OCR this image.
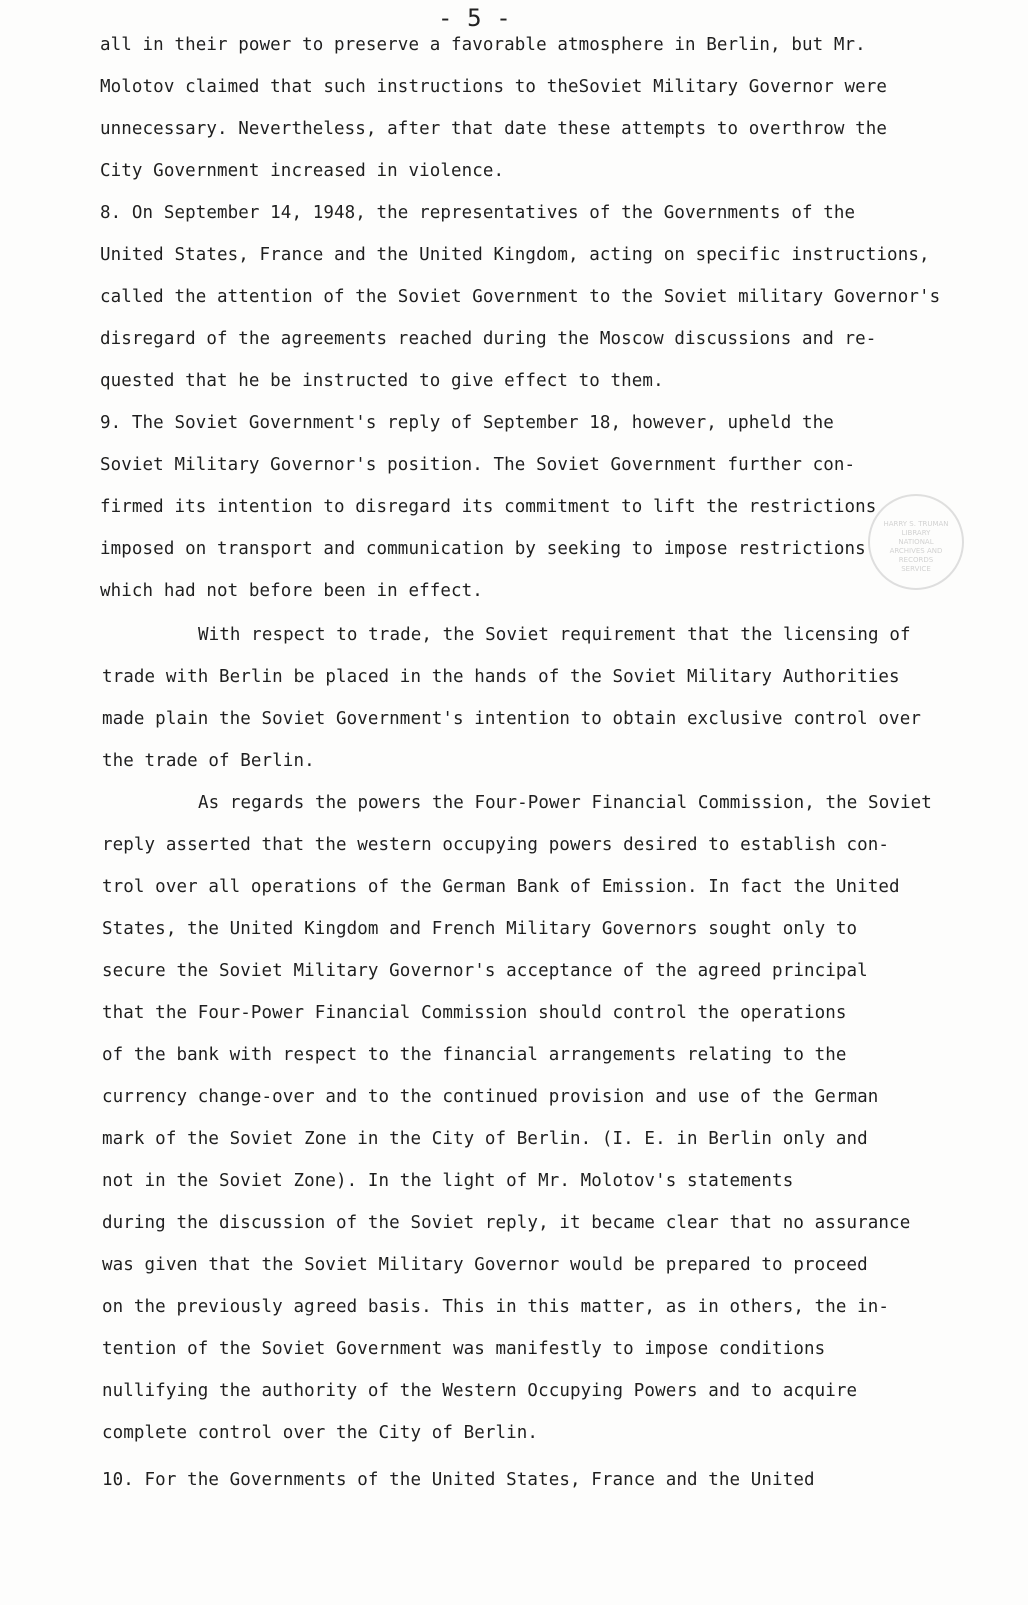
- 5 -
all in their power to preserve a favorable atmosphere in Berlin, but Mr.
Molotov claimed that such instructions to theSoviet Military Governor were
unnecessary. Nevertheless, after that date these attempts to overthrow the
City Government increased in violence.
8. On September 14, 1948, the representatives of the Governments of the
United States, France and the United Kingdom, acting on specific instructions,
called the attention of the Soviet Government to the Soviet military Governor's
disregard of the agreements reached during the Moscow discussions and re-
quested that he be instructed to give effect to them.
9. The Soviet Government's reply of September 18, however, upheld the
Soviet Military Governor's position. The Soviet Government further con-
firmed its intention to disregard its commitment to lift the restrictions
imposed on transport and communication by seeking to impose restrictions
which had not before been in effect.
With respect to trade, the Soviet requirement that the licensing of
trade with Berlin be placed in the hands of the Soviet Military Authorities
made plain the Soviet Government's intention to obtain exclusive control over
the trade of Berlin.
As regards the powers the Four-Power Financial Commission, the Soviet
reply asserted that the western occupying powers desired to establish con-
trol over all operations of the German Bank of Emission. In fact the United
States, the United Kingdom and French Military Governors sought only to
secure the Soviet Military Governor's acceptance of the agreed principal
that the Four-Power Financial Commission should control the operations
of the bank with respect to the financial arrangements relating to the
currency change-over and to the continued provision and use of the German
mark of the Soviet Zone in the City of Berlin. (I. E. in Berlin only and
not in the Soviet Zone). In the light of Mr. Molotov's statements
during the discussion of the Soviet reply, it became clear that no assurance
was given that the Soviet Military Governor would be prepared to proceed
on the previously agreed basis. This in this matter, as in others, the in-
tention of the Soviet Government was manifestly to impose conditions
nullifying the authority of the Western Occupying Powers and to acquire
complete control over the City of Berlin.
10. For the Governments of the United States, France and the United
HARRY S. TRUMAN LIBRARY
NATIONAL
ARCHIVES AND
RECORDS
SERVICE
